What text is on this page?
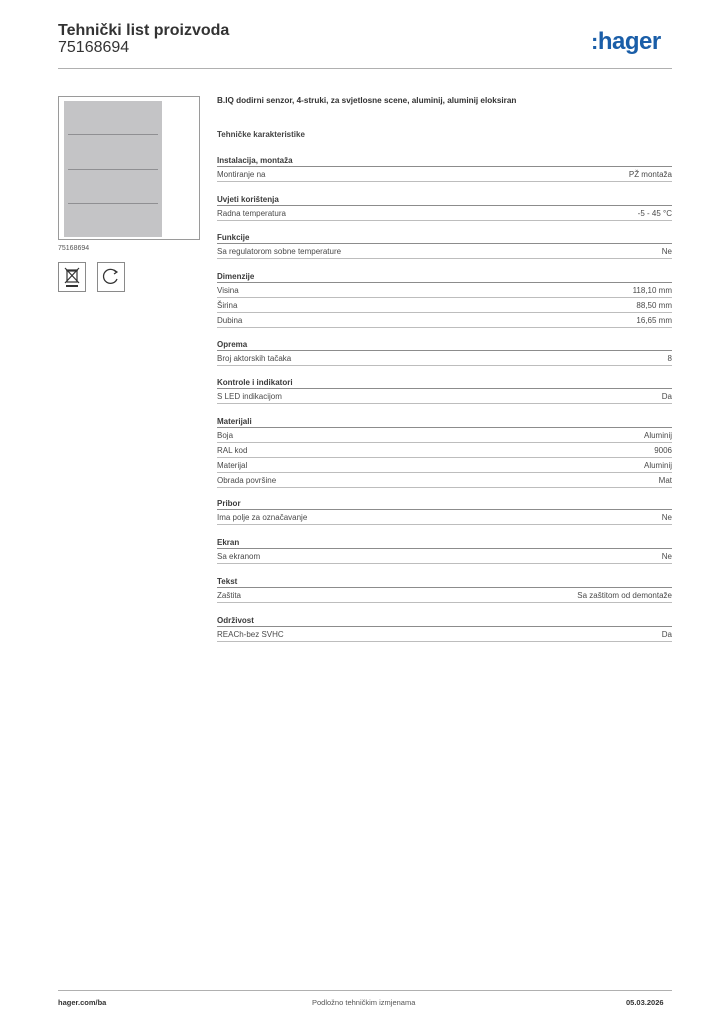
Tehnički list proizvoda
75168694	:hager
75168694
B.IQ dodirni senzor, 4-struki, za svjetlosne scene, aluminij, aluminij eloksiran
Tehničke karakteristike
Instalacija, montaža
Montiranje na	PŽ montaža
Uvjeti korištenja
Radna temperatura	-5 - 45 °C
Funkcije
Sa regulatorom sobne temperature	Ne
Dimenzije
Visina	118,10 mm
Širina	88,50 mm
Dubina	16,65 mm
Oprema
Broj aktorskih tačaka	8
Kontrole i indikatori
S LED indikacijom	Da
Materijali
Boja	Aluminij
RAL kod	9006
Materijal	Aluminij
Obrada površine	Mat
Pribor
Ima polje za označavanje	Ne
Ekran
Sa ekranom	Ne
Tekst
Zaštita	Sa zaštitom od demontaže
Održivost
REACh-bez SVHC	Da
hager.com/ba	Podložno tehničkim izmjenama	05.03.2026
